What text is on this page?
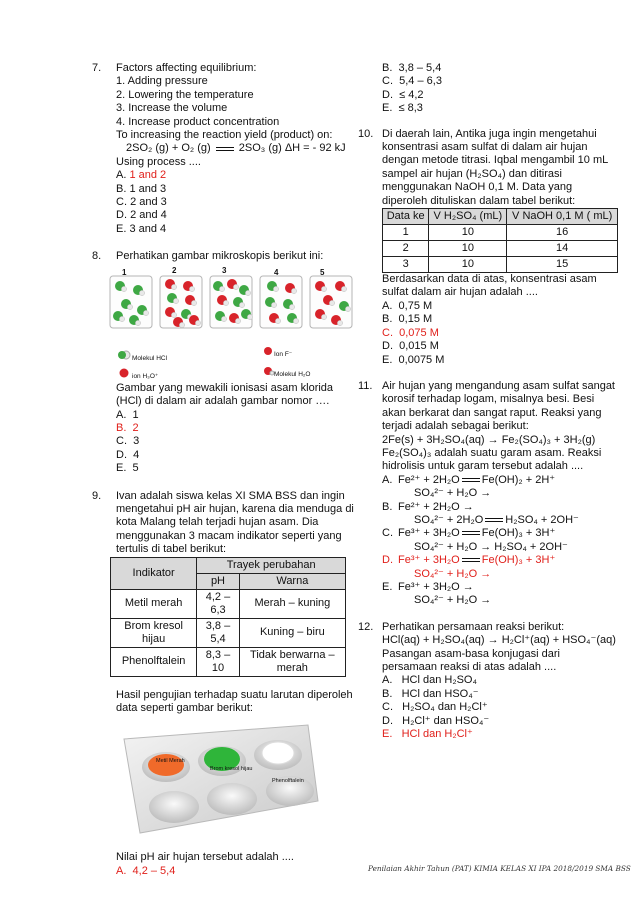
7. Factors affecting equilibrium:
1. Adding pressure
2. Lowering the temperature
3. Increase the volume
4. Increase product concentration
To increasing the reaction yield (product) on:
2SO₂ (g) + O₂ (g)	2SO₃ (g) ΔH = - 92 kJ
Using process ....
A. 1 and 2
B. 1 and 3
C. 2 and 3
D. 2 and 4
E. 3 and 4
8. Perhatikan gambar mikroskopis berikut ini:
1	2	3	4	5
Molekul HCl
Ion F⁻
ion H₃O⁺	Molekul H₂O
Gambar yang mewakili ionisasi asam klorida (HCl) di dalam air adalah gambar nomor ….
A. 1
B. 2
C. 3
D. 4
E. 5
9. Ivan adalah siswa kelas XI SMA BSS dan ingin mengetahui pH air hujan, karena dia menduga di kota Malang telah terjadi hujan asam. Dia menggunakan 3 macam indikator seperti yang tertulis di tabel berikut:
Indikator	Trayek perubahan	
	pH	Warna
Metil merah	4,2 – 6,3	Merah – kuning
Brom kresol hijau	3,8 – 5,4	Kuning – biru
Phenolftalein	8,3 – 10	Tidak berwarna – merah
Hasil pengujian terhadap suatu larutan diperoleh data seperti gambar berikut:
Metil Merah
Brom kresol hijau
Phenolftalein
Nilai pH air hujan tersebut adalah ....
A. 4,2 – 5,4
B. 3,8 – 5,4
C. 5,4 – 6,3
D. ≤ 4,2
E. ≤ 8,3
10. Di daerah lain, Antika juga ingin mengetahui konsentrasi asam sulfat di dalam air hujan dengan metode titrasi. Iqbal mengambil 10 mL sampel air hujan (H₂SO₄) dan ditirasi menggunakan NaOH 0,1 M. Data yang diperoleh dituliskan dalam tabel berikut:
Data ke	V H₂SO₄ (mL)	V NaOH 0,1 M ( mL)
1	10	16
2	10	14
3	10	15
Berdasarkan data di atas, konsentrasi asam sulfat dalam air hujan adalah ....
A. 0,75 M
B. 0,15 M
C. 0,075 M
D. 0,015 M
E. 0,0075 M
11. Air hujan yang mengandung asam sulfat sangat korosif terhadap logam, misalnya besi. Besi akan berkarat dan sangat raput. Reaksi yang terjadi adalah sebagai berikut:
2Fe(s) + 3H₂SO₄(aq) → Fe₂(SO₄)₃ + 3H₂(g)
Fe₂(SO₄)₃ adalah suatu garam asam. Reaksi hidrolisis untuk garam tersebut adalah ....
A. Fe²⁺ + 2H₂O Fe(OH)₂ + 2H⁺
SO₄²⁻ + H₂O →
B. Fe²⁺ + 2H₂O →
SO₄²⁻ + 2H₂O H₂SO₄ + 2OH⁻
C. Fe³⁺ + 3H₂O Fe(OH)₃ + 3H⁺
SO₄²⁻ + H₂O → H₂SO₄ + 2OH⁻
D. Fe³⁺ + 3H₂O Fe(OH)₃ + 3H⁺
SO₄²⁻ + H₂O →
E. Fe³⁺ + 3H₂O →
SO₄²⁻ + H₂O →
12. Perhatikan persamaan reaksi berikut:
HCl(aq) + H₂SO₄(aq) → H₂Cl⁺(aq) + HSO₄⁻(aq)
Pasangan asam-basa konjugasi dari persamaan reaksi di atas adalah ....
A. HCl dan H₂SO₄
B. HCl dan HSO₄⁻
C. H₂SO₄ dan H₂Cl⁺
D. H₂Cl⁺ dan HSO₄⁻
E. HCl dan H₂Cl⁺
Penilaian Akhir Tahun (PAT) KIMIA KELAS XI IPA 2018/2019 SMA BSS
